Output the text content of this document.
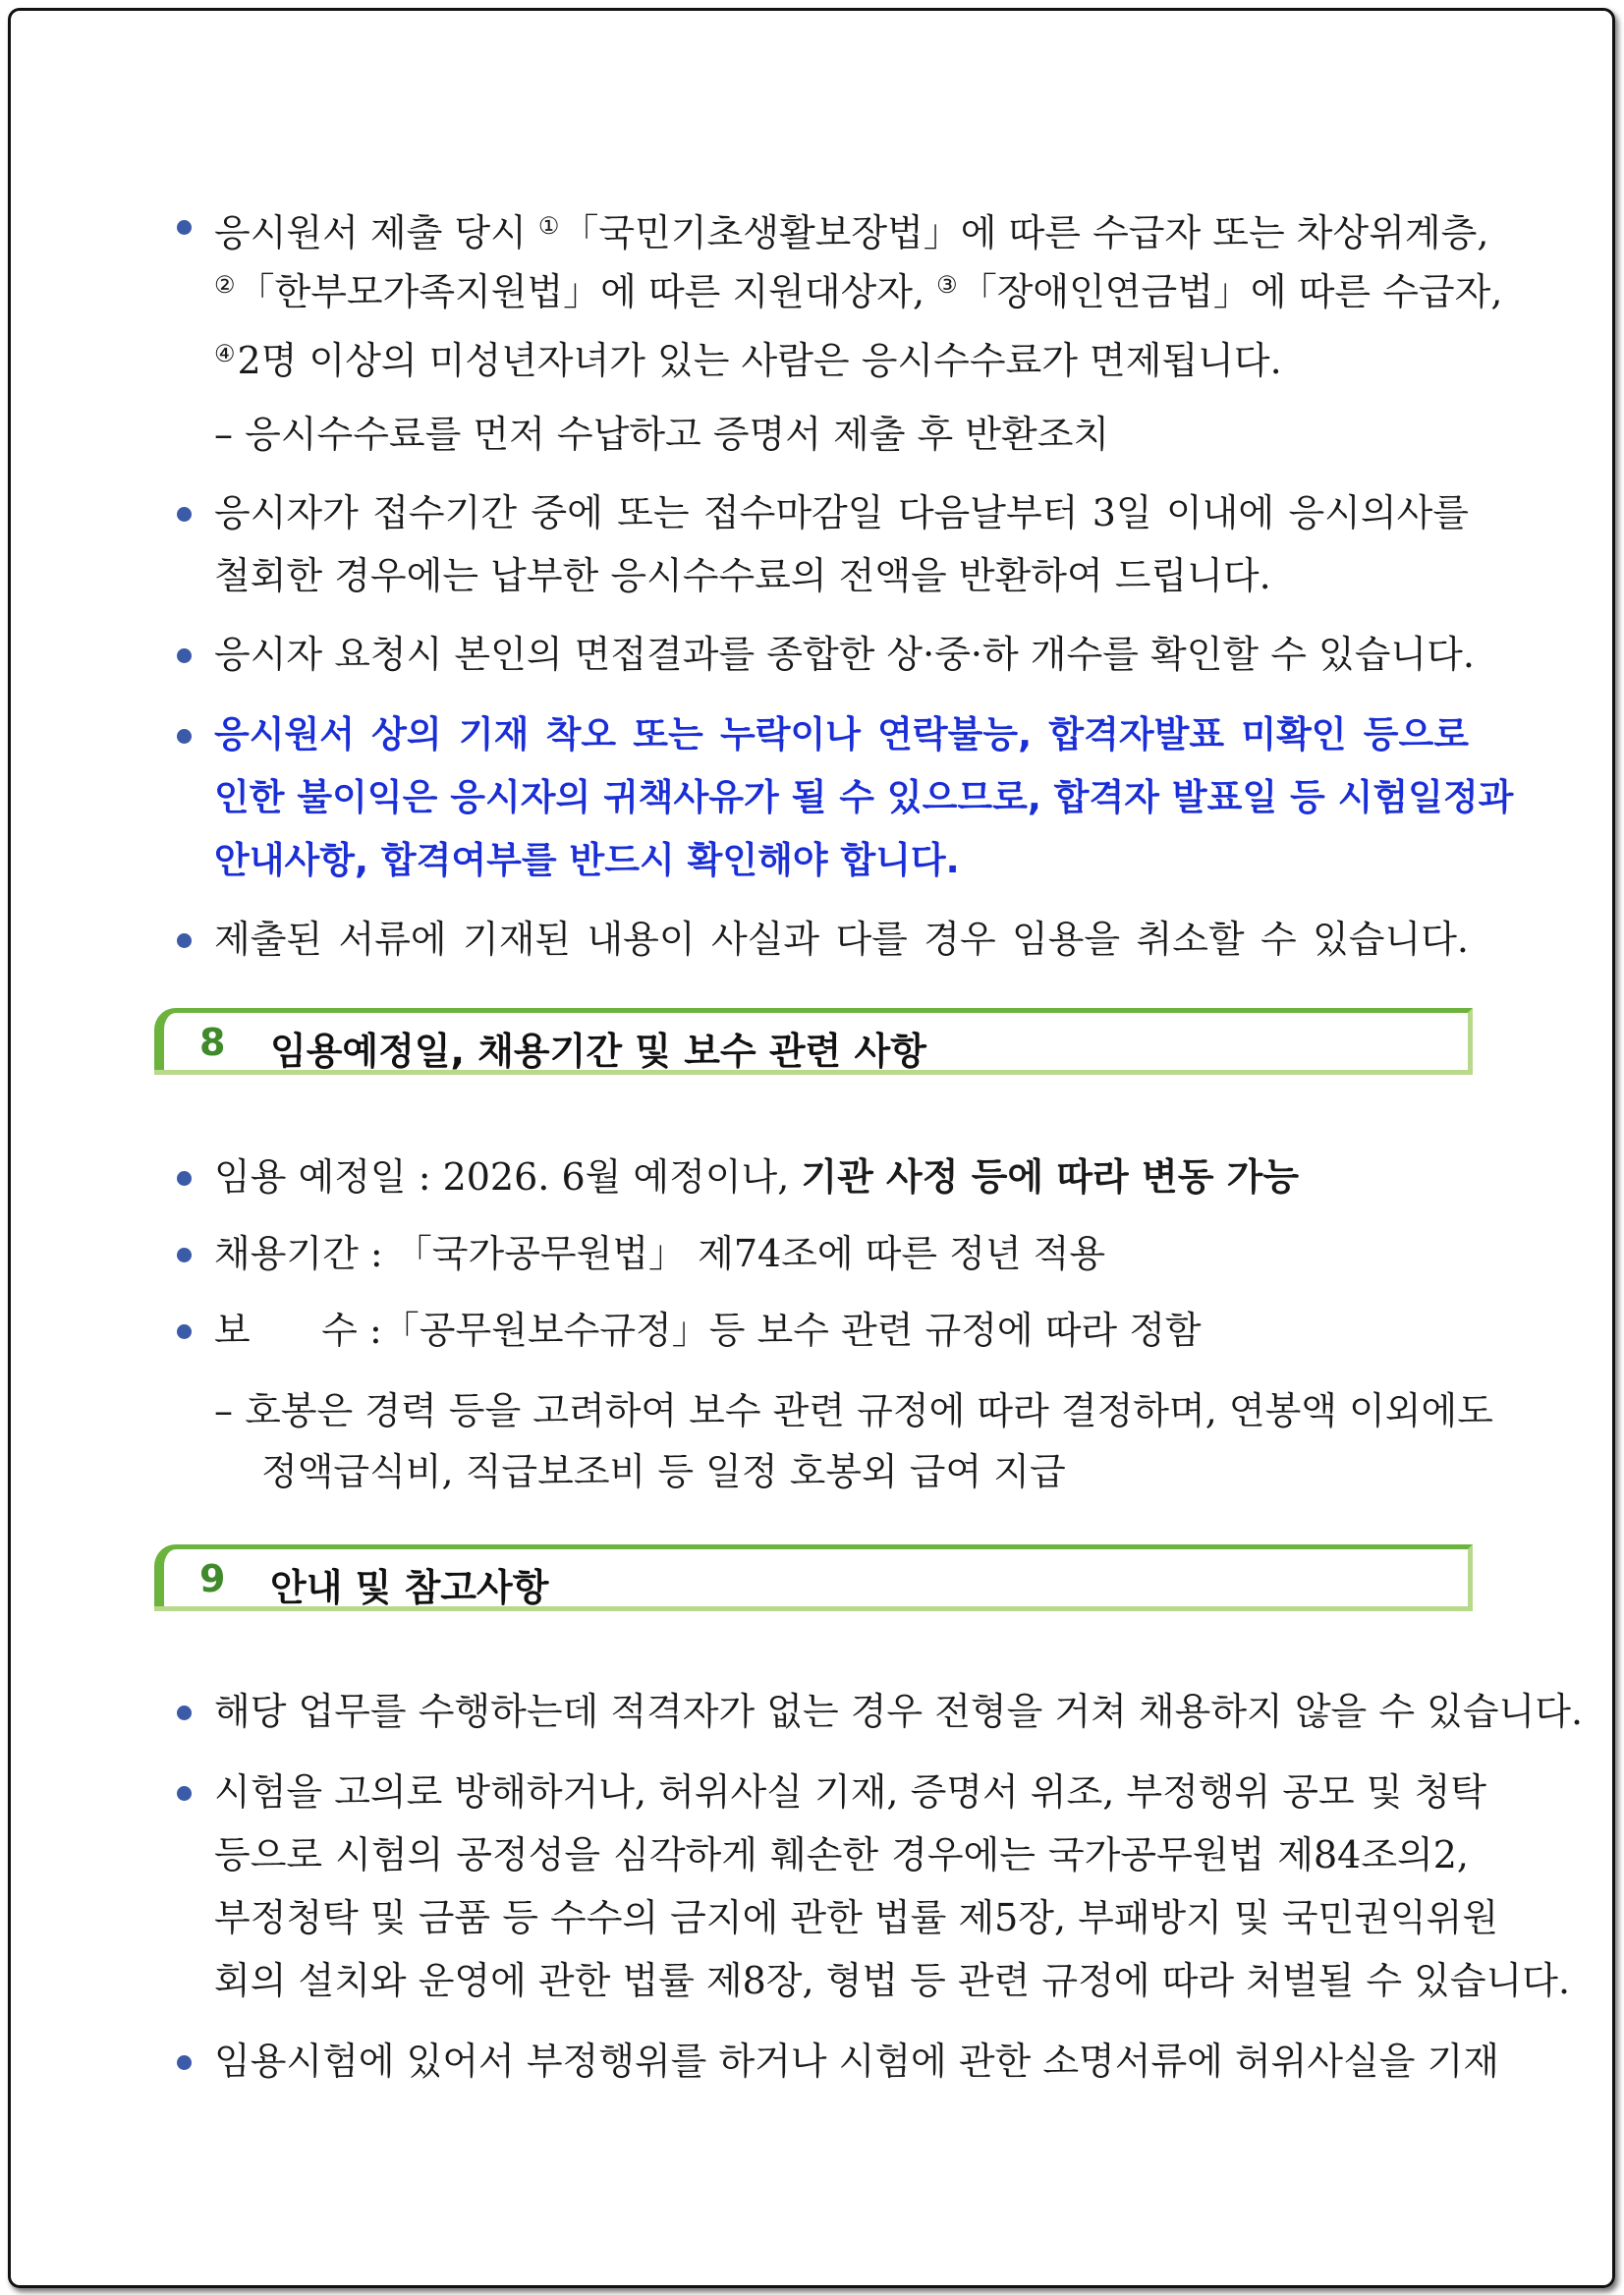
응시원서 제출 당시 ①「국민기초생활보장법」에 따른 수급자 또는 차상위계층,
②「한부모가족지원법」에 따른 지원대상자, ③「장애인연금법」에 따른 수급자,
④2명 이상의 미성년자녀가 있는 사람은 응시수수료가 면제됩니다.
– 응시수수료를 먼저 수납하고 증명서 제출 후 반환조치
응시자가 접수기간 중에 또는 접수마감일 다음날부터 3일 이내에 응시의사를
철회한 경우에는 납부한 응시수수료의 전액을 반환하여 드립니다.
응시자 요청시 본인의 면접결과를 종합한 상·중·하 개수를 확인할 수 있습니다.
응시원서 상의 기재 착오 또는 누락이나 연락불능, 합격자발표 미확인 등으로
인한 불이익은 응시자의 귀책사유가 될 수 있으므로, 합격자 발표일 등 시험일정과
안내사항, 합격여부를 반드시 확인해야 합니다.
제출된 서류에 기재된 내용이 사실과 다를 경우 임용을 취소할 수 있습니다.
8 임용예정일, 채용기간 및 보수 관련 사항
임용 예정일 : 2026. 6월 예정이나, 기관 사정 등에 따라 변동 가능
채용기간 : 「국가공무원법」 제74조에 따른 정년 적용
보      수 :「공무원보수규정」등 보수 관련 규정에 따라 정함
– 호봉은 경력 등을 고려하여 보수 관련 규정에 따라 결정하며, 연봉액 이외에도
정액급식비, 직급보조비 등 일정 호봉외 급여 지급
9 안내 및 참고사항
해당 업무를 수행하는데 적격자가 없는 경우 전형을 거쳐 채용하지 않을 수 있습니다.
시험을 고의로 방해하거나, 허위사실 기재, 증명서 위조, 부정행위 공모 및 청탁
등으로 시험의 공정성을 심각하게 훼손한 경우에는 국가공무원법 제84조의2,
부정청탁 및 금품 등 수수의 금지에 관한 법률 제5장, 부패방지 및 국민권익위원
회의 설치와 운영에 관한 법률 제8장, 형법 등 관련 규정에 따라 처벌될 수 있습니다.
임용시험에 있어서 부정행위를 하거나 시험에 관한 소명서류에 허위사실을 기재
